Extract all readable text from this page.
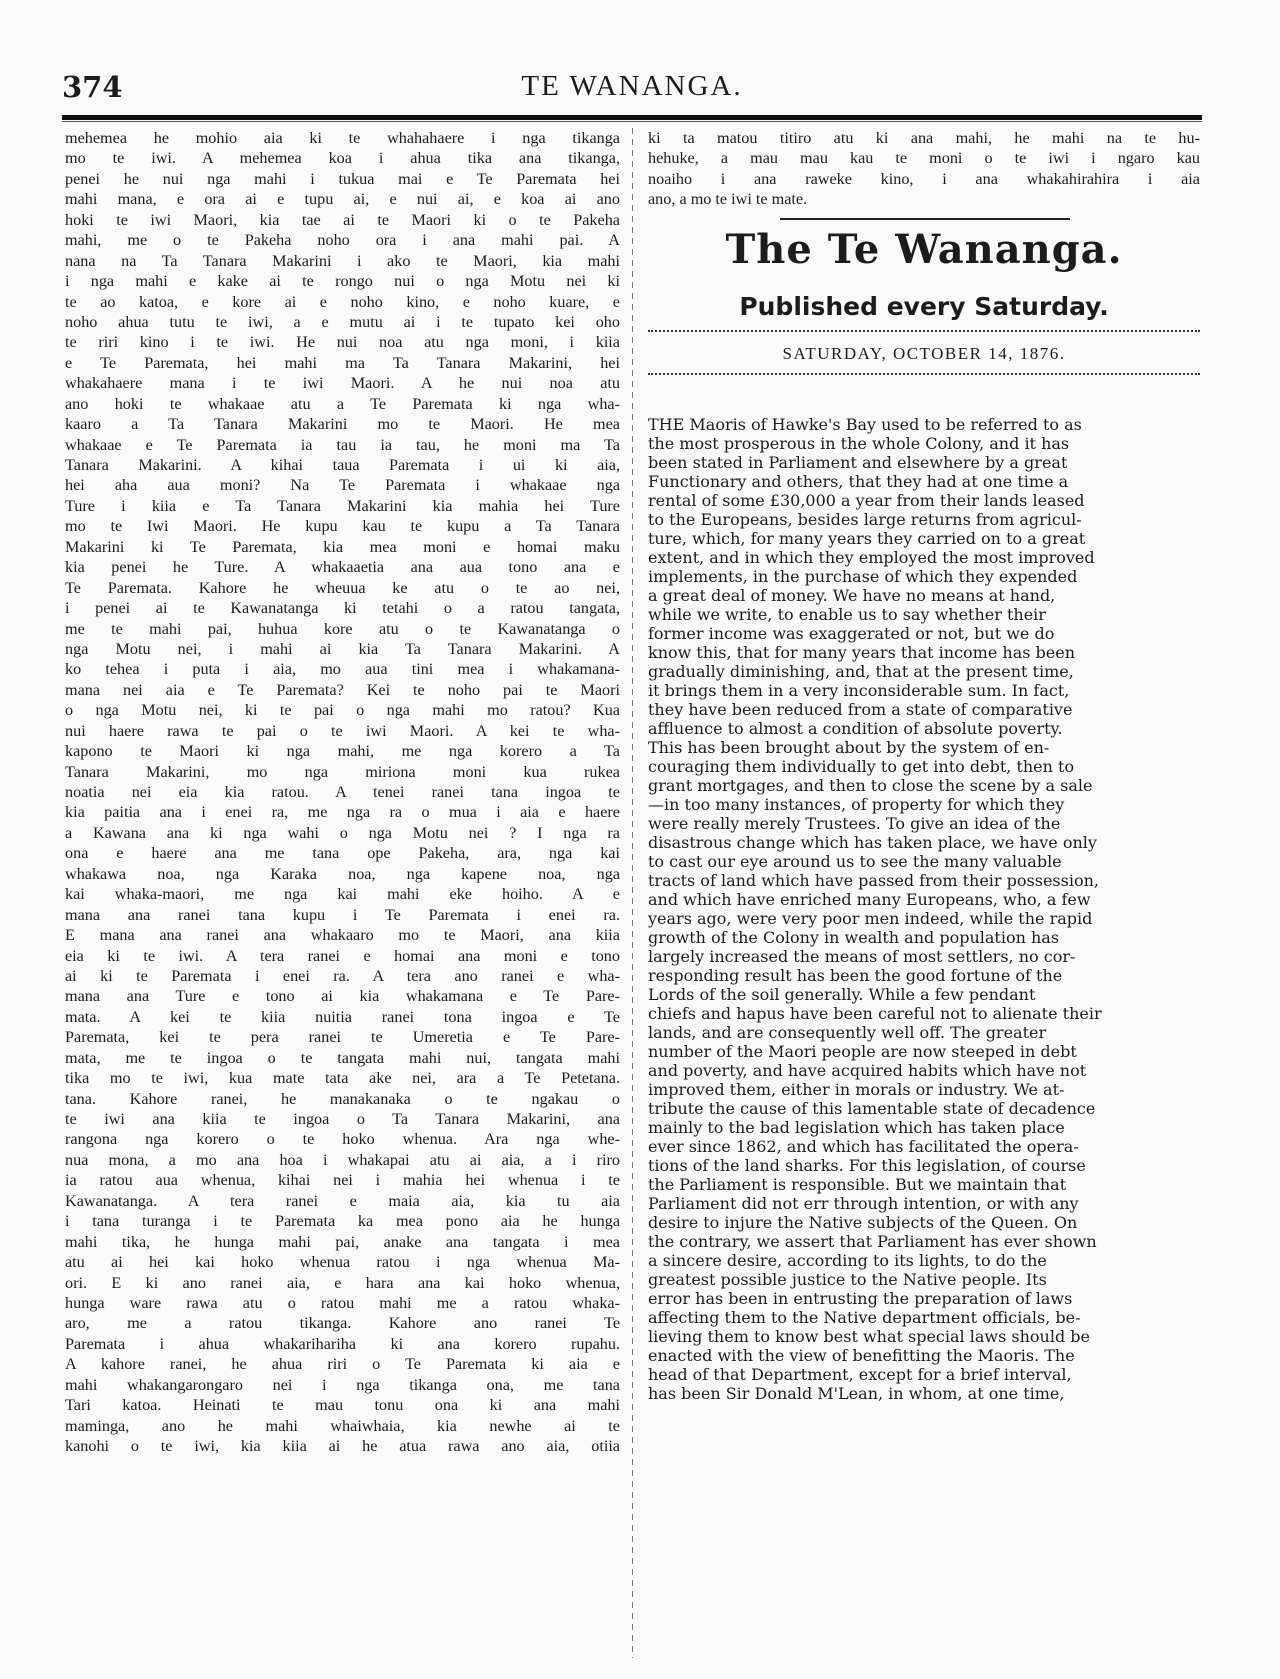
374	TE WANANGA.
mehemea he mohio aia ki te whahahaere i nga tikanga
mo te iwi. A mehemea koa i ahua tika ana tikanga,
penei he nui nga mahi i tukua mai e Te Paremata hei
mahi mana, e ora ai e tupu ai, e nui ai, e koa ai ano
hoki te iwi Maori, kia tae ai te Maori ki o te Pakeha
mahi, me o te Pakeha noho ora i ana mahi pai. A
nana na Ta Tanara Makarini i ako te Maori, kia mahi
i nga mahi e kake ai te rongo nui o nga Motu nei ki
te ao katoa, e kore ai e noho kino, e noho kuare, e
noho ahua tutu te iwi, a e mutu ai i te tupato kei oho
te riri kino i te iwi. He nui noa atu nga moni, i kiia
e Te Paremata, hei mahi ma Ta Tanara Makarini, hei
whakahaere mana i te iwi Maori. A he nui noa atu
ano hoki te whakaae atu a Te Paremata ki nga wha-
kaaro a Ta Tanara Makarini mo te Maori. He mea
whakaae e Te Paremata ia tau ia tau, he moni ma Ta
Tanara Makarini. A kihai taua Paremata i ui ki aia,
hei aha aua moni? Na Te Paremata i whakaae nga
Ture i kiia e Ta Tanara Makarini kia mahia hei Ture
mo te Iwi Maori. He kupu kau te kupu a Ta Tanara
Makarini ki Te Paremata, kia mea moni e homai maku
kia penei he Ture. A whakaaetia ana aua tono ana e
Te Paremata. Kahore he wheuua ke atu o te ao nei,
i penei ai te Kawanatanga ki tetahi o a ratou tangata,
me te mahi pai, huhua kore atu o te Kawanatanga o
nga Motu nei, i mahi ai kia Ta Tanara Makarini. A
ko tehea i puta i aia, mo aua tini mea i whakamana-
mana nei aia e Te Paremata? Kei te noho pai te Maori
o nga Motu nei, ki te pai o nga mahi mo ratou? Kua
nui haere rawa te pai o te iwi Maori. A kei te wha-
kapono te Maori ki nga mahi, me nga korero a Ta
Tanara Makarini, mo nga miriona moni kua rukea
noatia nei eia kia ratou. A tenei ranei tana ingoa te
kia paitia ana i enei ra, me nga ra o mua i aia e haere
a Kawana ana ki nga wahi o nga Motu nei ? I nga ra
ona e haere ana me tana ope Pakeha, ara, nga kai
whakawa noa, nga Karaka noa, nga kapene noa, nga
kai whaka-maori, me nga kai mahi eke hoiho. A e
mana ana ranei tana kupu i Te Paremata i enei ra.
E mana ana ranei ana whakaaro mo te Maori, ana kiia
eia ki te iwi. A tera ranei e homai ana moni e tono
ai ki te Paremata i enei ra. A tera ano ranei e wha-
mana ana Ture e tono ai kia whakamana e Te Pare-
mata. A kei te kiia nuitia ranei tona ingoa e Te
Paremata, kei te pera ranei te Umeretia e Te Pare-
mata, me te ingoa o te tangata mahi nui, tangata mahi
tika mo te iwi, kua mate tata ake nei, ara a Te Petetana.
tana. Kahore ranei, he manakanaka o te ngakau o
te iwi ana kiia te ingoa o Ta Tanara Makarini, ana
rangona nga korero o te hoko whenua. Ara nga whe-
nua mona, a mo ana hoa i whakapai atu ai aia, a i riro
ia ratou aua whenua, kihai nei i mahia hei whenua i te
Kawanatanga. A tera ranei e maia aia, kia tu aia
i tana turanga i te Paremata ka mea pono aia he hunga
mahi tika, he hunga mahi pai, anake ana tangata i mea
atu ai hei kai hoko whenua ratou i nga whenua Ma-
ori. E ki ano ranei aia, e hara ana kai hoko whenua,
hunga ware rawa atu o ratou mahi me a ratou whaka-
aro, me a ratou tikanga. Kahore ano ranei Te
Paremata i ahua whakarihariha ki ana korero rupahu.
A kahore ranei, he ahua riri o Te Paremata ki aia e
mahi whakangarongaro nei i nga tikanga ona, me tana
Tari katoa. Heinati te mau tonu ona ki ana mahi
maminga, ano he mahi whaiwhaia, kia newhe ai te
kanohi o te iwi, kia kiia ai he atua rawa ano aia, otiia
ki ta matou titiro atu ki ana mahi, he mahi na te hu-
hehuke, a mau mau kau te moni o te iwi i ngaro kau
noaiho i ana raweke kino, i ana whakahirahira i aia
ano, a mo te iwi te mate.
The Te Wananga.
Published every Saturday.
SATURDAY, OCTOBER 14, 1876.
THE Maoris of Hawke's Bay used to be referred to as
the most prosperous in the whole Colony, and it has
been stated in Parliament and elsewhere by a great
Functionary and others, that they had at one time a
rental of some £30,000 a year from their lands leased
to the Europeans, besides large returns from agricul-
ture, which, for many years they carried on to a great
extent, and in which they employed the most improved
implements, in the purchase of which they expended
a great deal of money. We have no means at hand,
while we write, to enable us to say whether their
former income was exaggerated or not, but we do
know this, that for many years that income has been
gradually diminishing, and, that at the present time,
it brings them in a very inconsiderable sum. In fact,
they have been reduced from a state of comparative
affluence to almost a condition of absolute poverty.
This has been brought about by the system of en-
couraging them individually to get into debt, then to
grant mortgages, and then to close the scene by a sale
—in too many instances, of property for which they
were really merely Trustees. To give an idea of the
disastrous change which has taken place, we have only
to cast our eye around us to see the many valuable
tracts of land which have passed from their possession,
and which have enriched many Europeans, who, a few
years ago, were very poor men indeed, while the rapid
growth of the Colony in wealth and population has
largely increased the means of most settlers, no cor-
responding result has been the good fortune of the
Lords of the soil generally. While a few pendant
chiefs and hapus have been careful not to alienate their
lands, and are consequently well off. The greater
number of the Maori people are now steeped in debt
and poverty, and have acquired habits which have not
improved them, either in morals or industry. We at-
tribute the cause of this lamentable state of decadence
mainly to the bad legislation which has taken place
ever since 1862, and which has facilitated the opera-
tions of the land sharks. For this legislation, of course
the Parliament is responsible. But we maintain that
Parliament did not err through intention, or with any
desire to injure the Native subjects of the Queen. On
the contrary, we assert that Parliament has ever shown
a sincere desire, according to its lights, to do the
greatest possible justice to the Native people. Its
error has been in entrusting the preparation of laws
affecting them to the Native department officials, be-
lieving them to know best what special laws should be
enacted with the view of benefitting the Maoris. The
head of that Department, except for a brief interval,
has been Sir Donald M'Lean, in whom, at one time,
